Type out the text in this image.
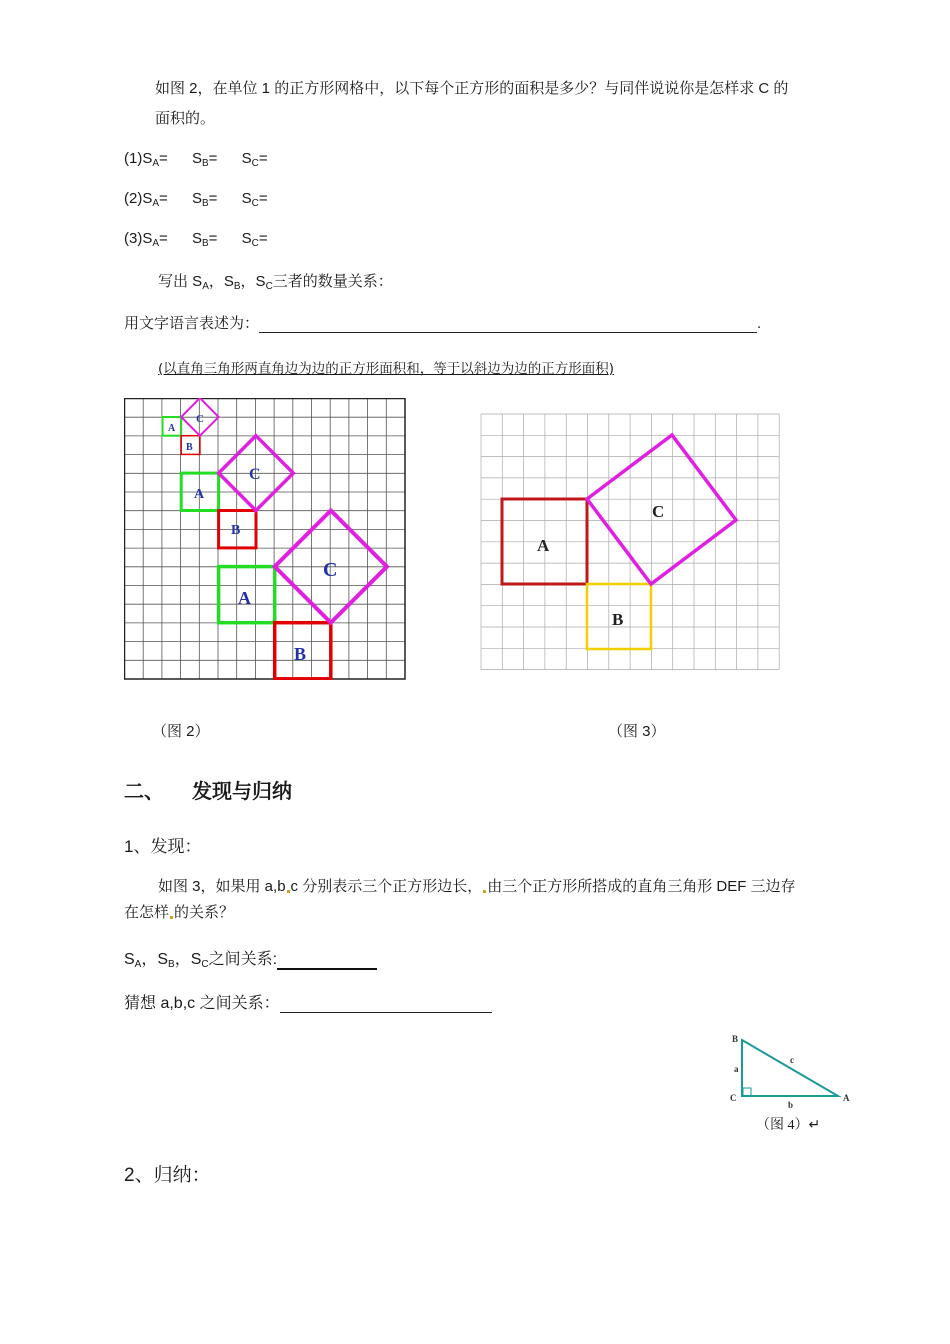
如图 2，在单位 1 的正方形网格中，以下每个正方形的面积是多少？与同伴说说你是怎样求 C 的
面积的。
$(1)S_A= S_B= S_C=$
$(2)S_A= S_B= S_C=$
$(3)S_A= S_B= S_C=$
写出 $S_A$，$S_B$，$S_C$三者的数量关系：
用文字语言表述为：	.
(以直角三角形两直角边为边的正方形面积和，等于以斜边为边的正方形面积)
A
B
C
A
B
C
A
B
C
A
B
C
（图 2）	（图 3）
二、 发现与归纳
1、发现：
如图 3，如果用 a,b c 分别表示三个正方形边长， 由三个正方形所搭成的直角三角形 DEF 三边存
在怎样 的关系？
$S_A$，$S_B$，$S_C$之间关系:
猜想 a,b,c 之间关系：
B
C	A
a
b
c
（图 4）↵
2、归纳：
